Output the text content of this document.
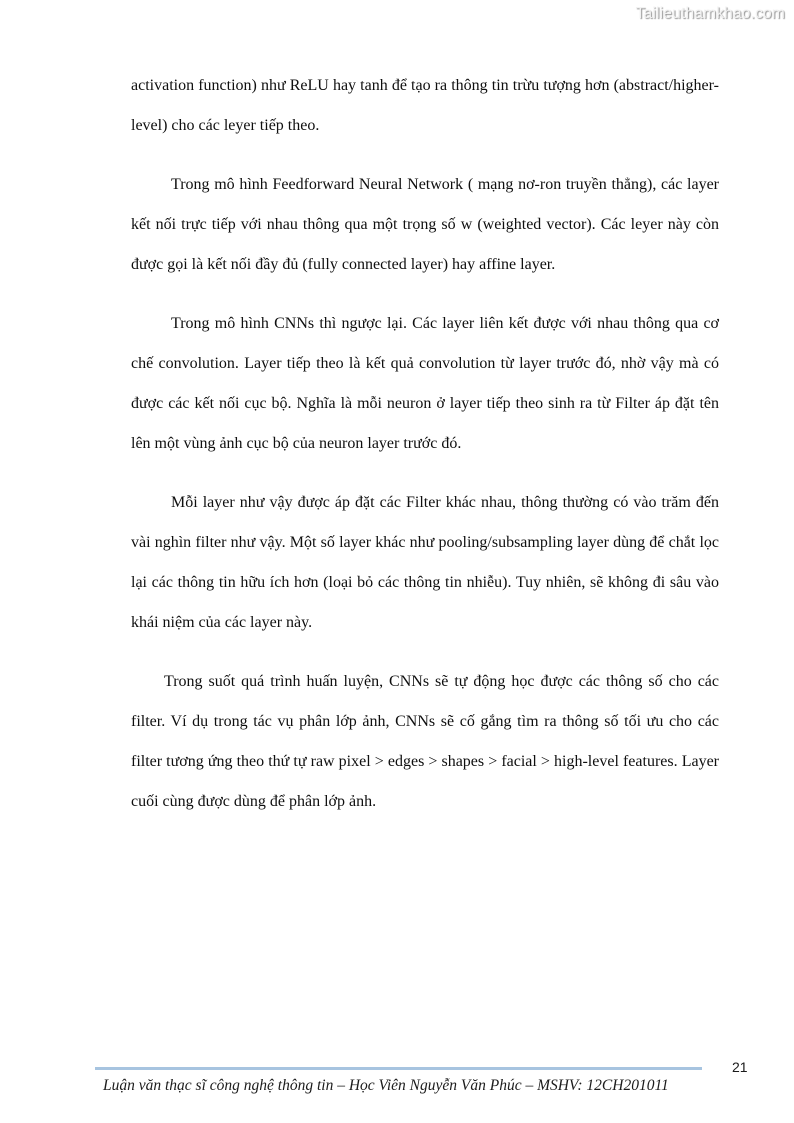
Tailieuthamkhao.com

activation function) như ReLU hay tanh để tạo ra thông tin trừu tượng hơn (abstract/higher-level) cho các leyer tiếp theo.

Trong mô hình Feedforward Neural Network ( mạng nơ-ron truyền thẳng), các layer kết nối trực tiếp với nhau thông qua một trọng số w (weighted vector). Các leyer này còn được gọi là kết nối đầy đủ (fully connected layer) hay affine layer.

Trong mô hình CNNs thì ngược lại. Các layer liên kết được với nhau thông qua cơ chế convolution. Layer tiếp theo là kết quả convolution từ layer trước đó, nhờ vậy mà có được các kết nối cục bộ. Nghĩa là mỗi neuron ở layer tiếp theo sinh ra từ Filter áp đặt tên lên một vùng ảnh cục bộ của neuron layer trước đó.

Mỗi layer như vậy được áp đặt các Filter khác nhau, thông thường có vào trăm đến vài nghìn filter như vậy. Một số layer khác như pooling/subsampling layer dùng để chắt lọc lại các thông tin hữu ích hơn (loại bỏ các thông tin nhiễu). Tuy nhiên, sẽ không đi sâu vào khái niệm của các layer này.

Trong suốt quá trình huấn luyện, CNNs sẽ tự động học được các thông số cho các filter. Ví dụ trong tác vụ phân lớp ảnh, CNNs sẽ cố gắng tìm ra thông số tối ưu cho các filter tương ứng theo thứ tự raw pixel > edges > shapes > facial > high-level features. Layer cuối cùng được dùng để phân lớp ảnh.

21
Luận văn thạc sĩ công nghệ thông tin – Học Viên Nguyễn Văn Phúc – MSHV: 12CH201011
